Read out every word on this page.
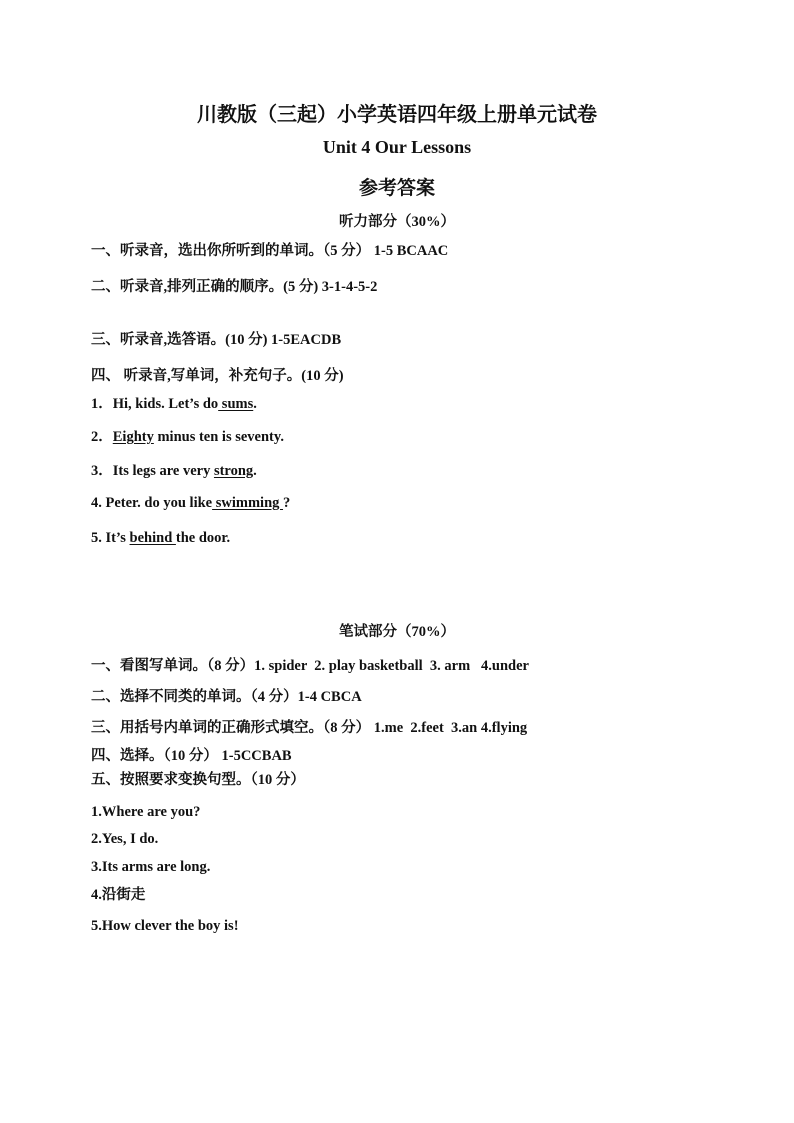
川教版（三起）小学英语四年级上册单元试卷
Unit 4 Our Lessons
参考答案
听力部分（30%）
一、听录音，选出你所听到的单词。（5 分） 1-5 BCAAC
二、听录音,排列正确的顺序。(5 分) 3-1-4-5-2
三、听录音,选答语。(10 分) 1-5EACDB
四、 听录音,写单词，补充句子。(10 分)
1．Hi, kids. Let’s do sums.
2．Eighty minus ten is seventy.
3．Its legs are very strong.
4. Peter. do you like swimming ?
5. It’s behind the door.
笔试部分（70%）
一、看图写单词。（8 分）1. spider  2. play basketball  3. arm   4.under
二、选择不同类的单词。（4 分）1-4 CBCA
三、用括号内单词的正确形式填空。（8 分） 1.me  2.feet  3.an 4.flying
四、选择。（10 分） 1-5CCBAB
五、按照要求变换句型。（10 分）
1.Where are you?
2.Yes, I do.
3.Its arms are long.
4.沿街走
5.How clever the boy is!
